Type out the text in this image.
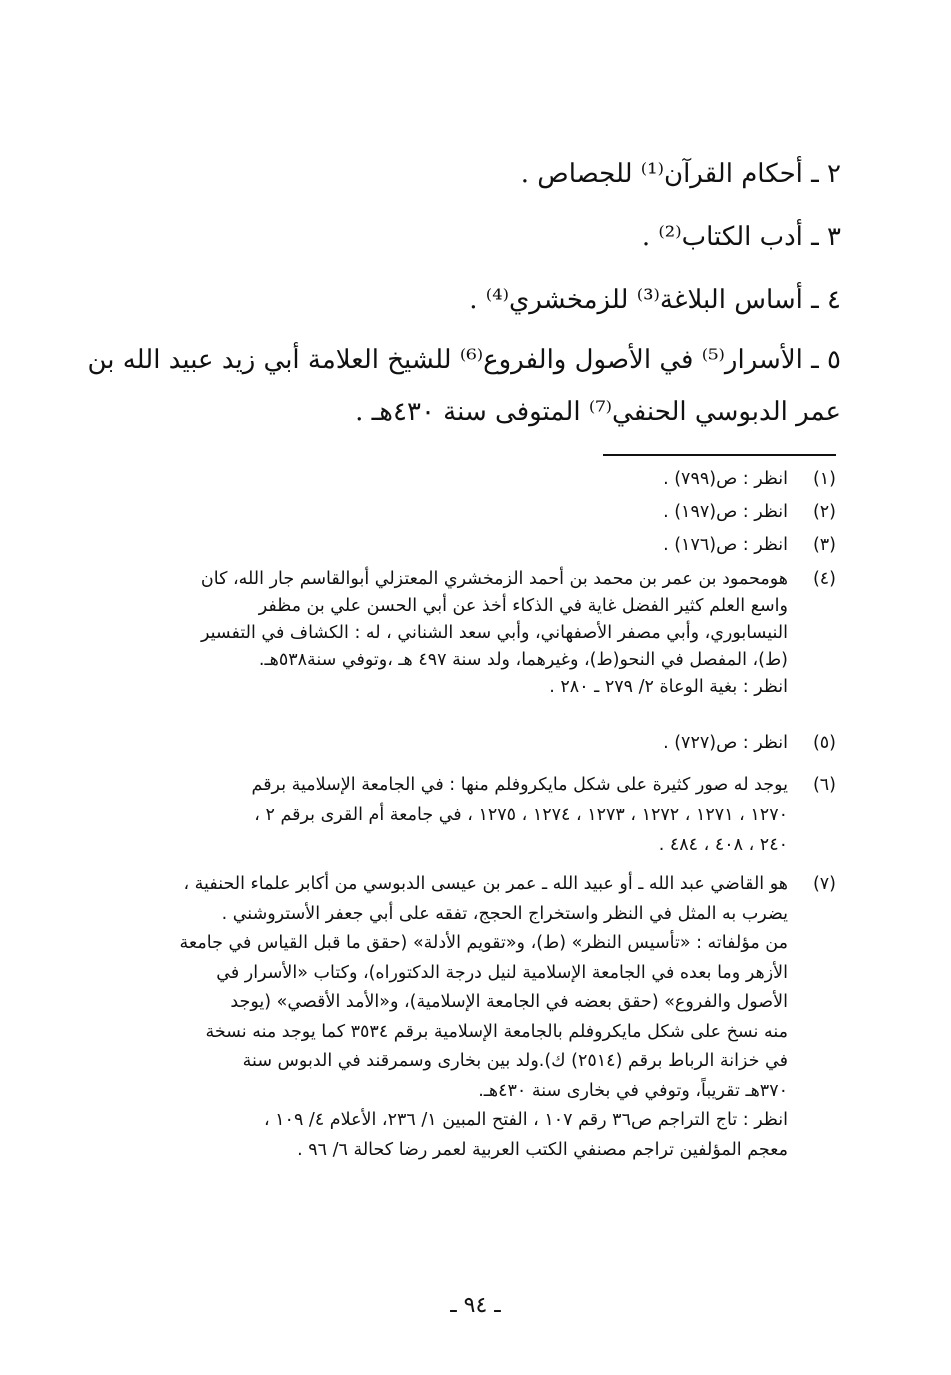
٢ ـ أحكام القرآن⁽¹⁾ للجصاص .
٣ ـ أدب الكتاب⁽²⁾ .
٤ ـ أساس البلاغة⁽³⁾ للزمخشري⁽⁴⁾ .
٥ ـ الأسرار⁽⁵⁾ في الأصول والفروع⁽⁶⁾ للشيخ العلامة أبي زيد عبيد الله بن
عمر الدبوسي الحنفي⁽⁷⁾ المتوفى سنة ٤٣٠هـ .
(١)
انظر : ص(٧٩٩) .
(٢)
انظر : ص(١٩٧) .
(٣)
انظر : ص(١٧٦) .
(٤)
هومحمود بن عمر بن محمد بن أحمد الزمخشري المعتزلي أبوالقاسم جار الله، كان
واسع العلم كثير الفضل غاية في الذكاء أخذ عن أبي الحسن علي بن مظفر
النيسابوري، وأبي مصفر الأصفهاني، وأبي سعد الشناني ، له : الكشاف في التفسير
(ط)، المفصل في النحو(ط)، وغيرهما، ولد سنة ٤٩٧ هـ ،وتوفي سنة٥٣٨هـ.
انظر : بغية الوعاة ٢/ ٢٧٩ ـ ٢٨٠ .
(٥)
انظر : ص(٧٢٧) .
(٦)
يوجد له صور كثيرة على شكل مايكروفلم منها : في الجامعة الإسلامية برقم
١٢٧٠ ، ١٢٧١ ، ١٢٧٢ ، ١٢٧٣ ، ١٢٧٤ ، ١٢٧٥ ، في جامعة أم القرى برقم ٢ ،
٢٤٠ ، ٤٠٨ ، ٤٨٤ .
(٧)
هو القاضي عبد الله ـ أو عبيد الله ـ عمر بن عيسى الدبوسي من أكابر علماء الحنفية ،
يضرب به المثل في النظر واستخراج الحجج، تفقه على أبي جعفر الأستروشني .
من مؤلفاته : «تأسيس النظر» (ط)، و«تقويم الأدلة» (حقق ما قبل القياس في جامعة
الأزهر وما بعده في الجامعة الإسلامية لنيل درجة الدكتوراه)، وكتاب «الأسرار في
الأصول والفروع» (حقق بعضه في الجامعة الإسلامية)، و«الأمد الأقصي» (يوجد
منه نسخ على شكل مايكروفلم بالجامعة الإسلامية برقم ٣٥٣٤ كما يوجد منه نسخة
في خزانة الرباط برقم (٢٥١٤) ك).ولد بين بخارى وسمرقند في الدبوس سنة
٣٧٠هـ تقريباً، وتوفي في بخارى سنة ٤٣٠هـ.
انظر : تاج التراجم ص٣٦ رقم ١٠٧ ، الفتح المبين ١/ ٢٣٦، الأعلام ٤/ ١٠٩ ،
معجم المؤلفين تراجم مصنفي الكتب العربية لعمر رضا كحالة ٦/ ٩٦ .
ـ ٩٤ ـ
